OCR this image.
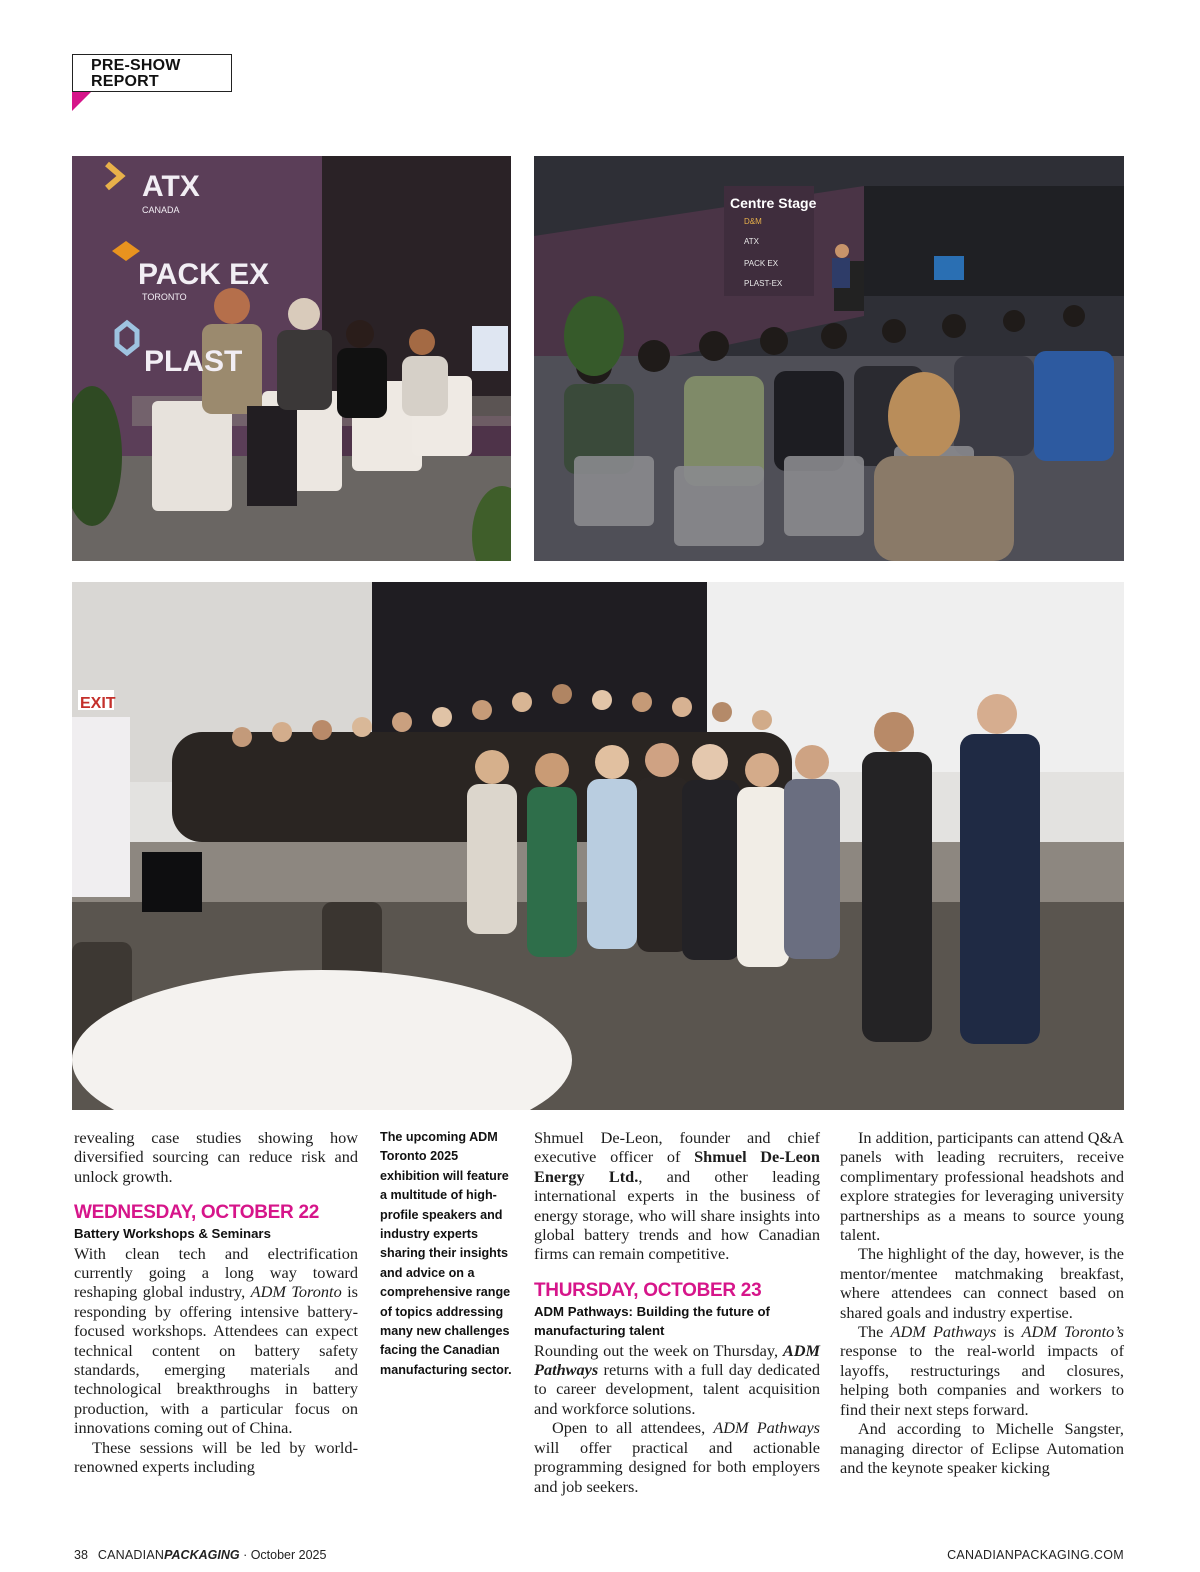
PRE-SHOW
REPORT
ATX
CANADA
PACK EX
TORONTO
PLAST
Centre Stage
D&M
ATX
PACK EX
PLAST-EX
EXIT

revealing case studies showing how diversified sourcing can reduce risk and unlock growth.

WEDNESDAY, OCTOBER 22
Battery Workshops & Seminars

With clean tech and electrification currently going a long way toward reshaping global industry, ADM Toronto is responding by offering intensive battery-focused workshops. Attendees can expect technical content on battery safety standards, emerging materials and technological breakthroughs in battery production, with a particular focus on innovations coming out of China.

These sessions will be led by world-renowned experts including

The upcoming ADM Toronto 2025 exhibition will feature a multitude of high-profile speakers and industry experts sharing their insights and advice on a comprehensive range of topics addressing many new challenges facing the Canadian manufacturing sector.

Shmuel De-Leon, founder and chief executive officer of Shmuel De-Leon Energy Ltd., and other leading international experts in the business of energy storage, who will share insights into global battery trends and how Canadian firms can remain competitive.

THURSDAY, OCTOBER 23
ADM Pathways: Building the future of manufacturing talent

Rounding out the week on Thursday, ADM Pathways returns with a full day dedicated to career development, talent acquisition and workforce solutions.

Open to all attendees, ADM Pathways will offer practical and actionable programming designed for both employers and job seekers.

In addition, participants can attend Q&A panels with leading recruiters, receive complimentary professional headshots and explore strategies for leveraging university partnerships as a means to source young talent.

The highlight of the day, however, is the mentor/mentee matchmaking breakfast, where attendees can connect based on shared goals and industry expertise.

The ADM Pathways is ADM Toronto’s response to the real-world impacts of layoffs, restructurings and closures, helping both companies and workers to find their next steps forward.

And according to Michelle Sangster, managing director of Eclipse Automation and the keynote speaker kicking

38 CANADIANPACKAGING · October 2025	CANADIANPACKAGING.COM
